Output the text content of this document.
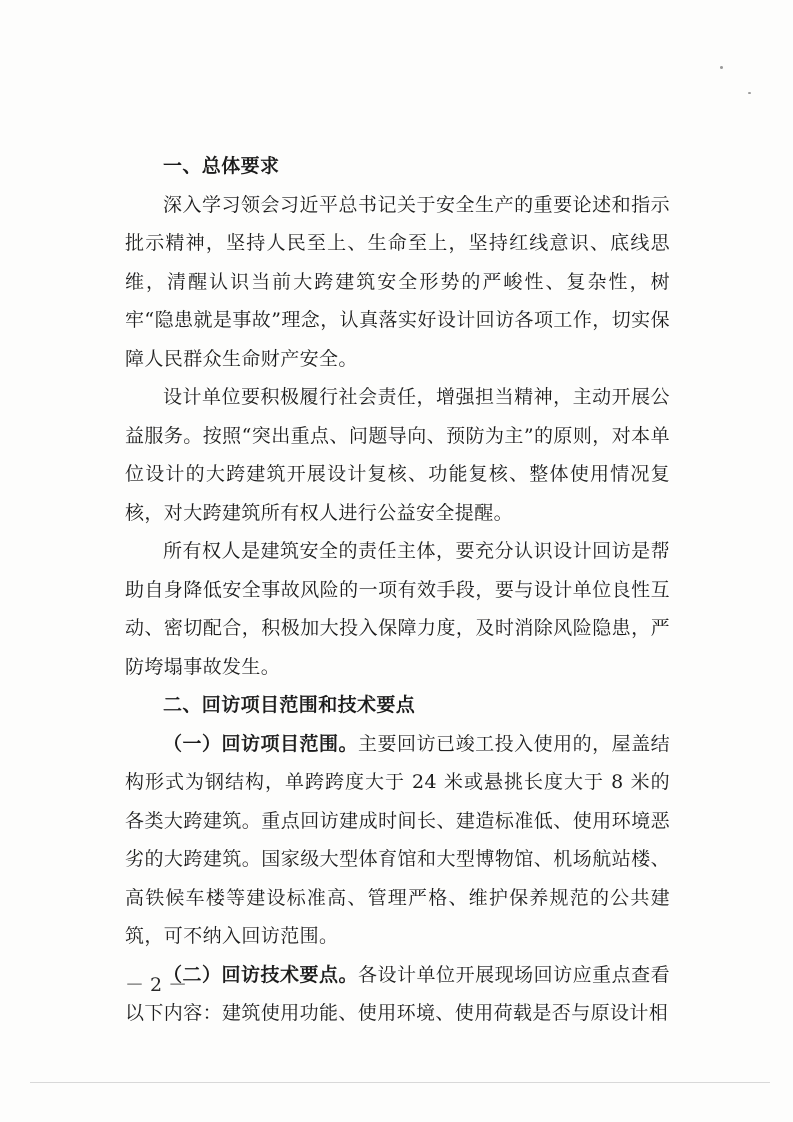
一、总体要求

深入学习领会习近平总书记关于安全生产的重要论述和指示批示精神，坚持人民至上、生命至上，坚持红线意识、底线思维，清醒认识当前大跨建筑安全形势的严峻性、复杂性，树牢“隐患就是事故”理念，认真落实好设计回访各项工作，切实保障人民群众生命财产安全。

设计单位要积极履行社会责任，增强担当精神，主动开展公益服务。按照“突出重点、问题导向、预防为主”的原则，对本单位设计的大跨建筑开展设计复核、功能复核、整体使用情况复核，对大跨建筑所有权人进行公益安全提醒。

所有权人是建筑安全的责任主体，要充分认识设计回访是帮助自身降低安全事故风险的一项有效手段，要与设计单位良性互动、密切配合，积极加大投入保障力度，及时消除风险隐患，严防垮塌事故发生。

二、回访项目范围和技术要点

（一）回访项目范围。主要回访已竣工投入使用的，屋盖结构形式为钢结构，单跨跨度大于 24 米或悬挑长度大于 8 米的各类大跨建筑。重点回访建成时间长、建造标准低、使用环境恶劣的大跨建筑。国家级大型体育馆和大型博物馆、机场航站楼、高铁候车楼等建设标准高、管理严格、维护保养规范的公共建筑，可不纳入回访范围。

（二）回访技术要点。各设计单位开展现场回访应重点查看以下内容：建筑使用功能、使用环境、使用荷载是否与原设计相

－ 2 －
